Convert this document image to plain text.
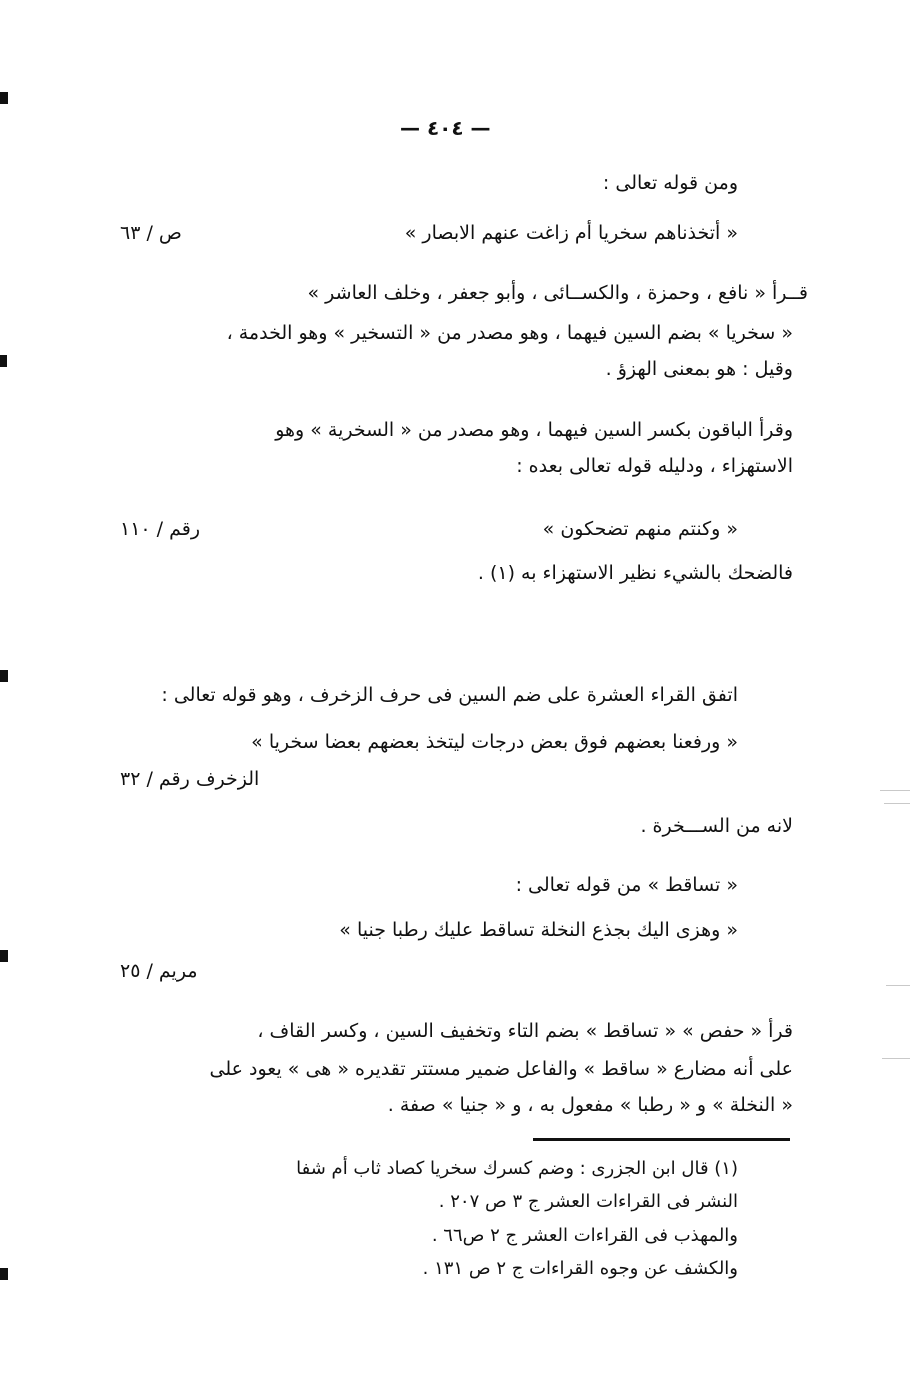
— ٤٠٤ —
ومن قوله تعالى :
« أتخذناهم سخريا أم زاغت عنهم الابصار »
ص / ٦٣
قــرأ « نافع ، وحمزة ، والكســائى ، وأبو جعفر ، وخلف العاشر »
« سخريا » بضم السين فيهما ، وهو مصدر من « التسخير » وهو الخدمة ،
وقيل : هو بمعنى الهزؤ .
وقرأ الباقون بكسر السين فيهما ، وهو مصدر من « السخرية » وهو
الاستهزاء ، ودليله قوله تعالى بعده :
« وكنتم منهم تضحكون »
رقم / ١١٠
فالضحك بالشيء نظير الاستهزاء به (١) .
اتفق القراء العشرة على ضم السين فى حرف الزخرف ، وهو قوله تعالى :
« ورفعنا بعضهم فوق بعض درجات ليتخذ بعضهم بعضا سخريا »
الزخرف رقم / ٣٢
لانه من الســـخرة .
« تساقط » من قوله تعالى :
« وهزى اليك بجذع النخلة تساقط عليك رطبا جنيا »
مريم / ٢٥
قرأ « حفص » « تساقط » بضم التاء وتخفيف السين ، وكسر القاف ،
على أنه مضارع « ساقط » والفاعل ضمير مستتر تقديره « هى » يعود على
« النخلة » و « رطبا » مفعول به ، و « جنيا » صفة .
(١) قال ابن الجزرى : وضم كسرك سخريا كصاد ثاب أم شفا
النشر فى القراءات العشر ج ٣ ص ٢٠٧ .
والمهذب فى القراءات العشر ج ٢ ص٦٦ .
والكشف عن وجوه القراءات ج ٢ ص ١٣١ .
